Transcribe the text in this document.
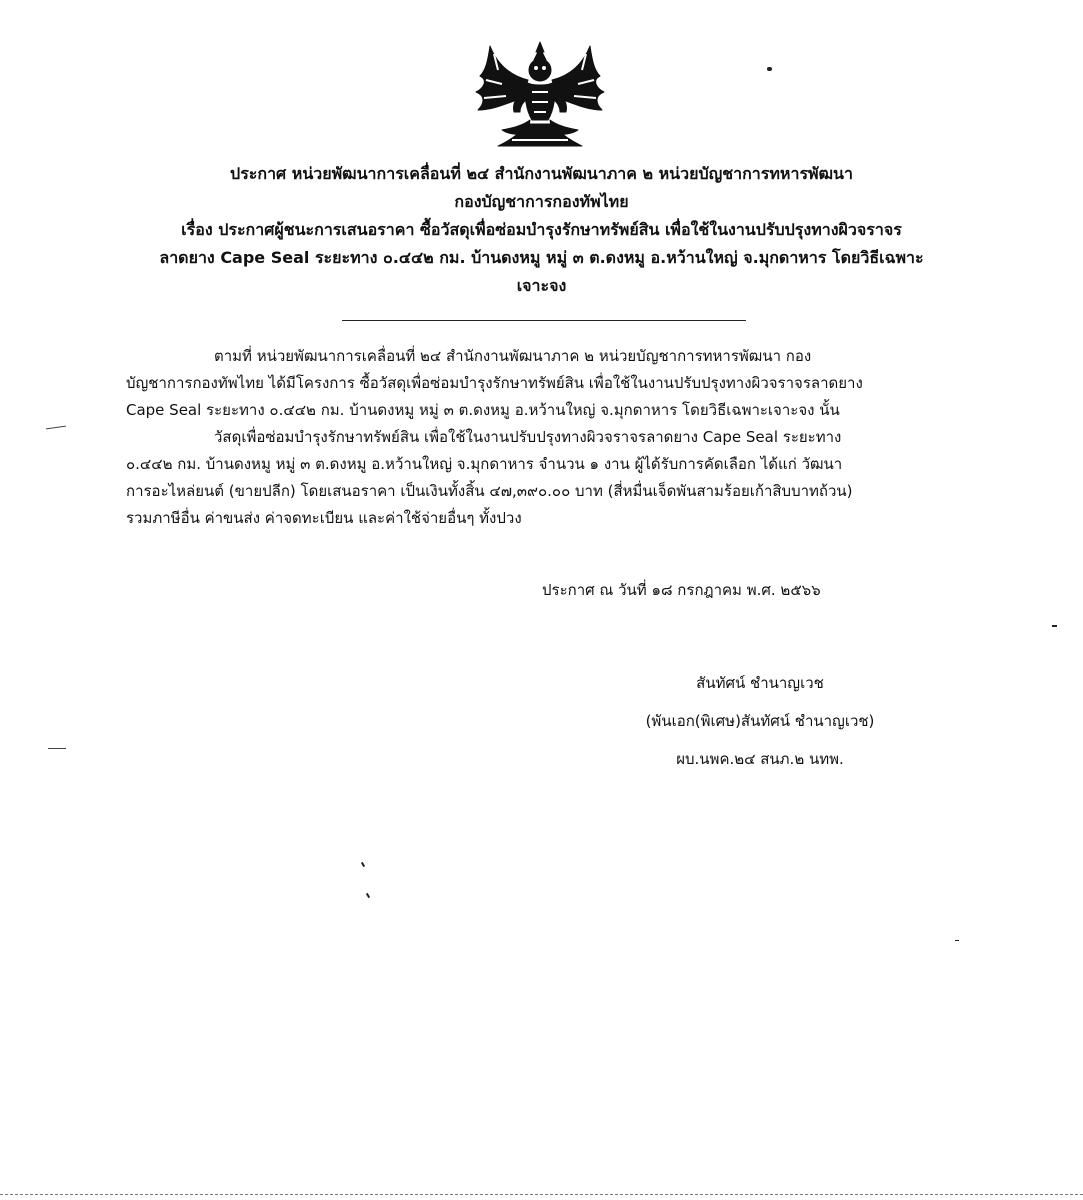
ประกาศ หน่วยพัฒนาการเคลื่อนที่ ๒๔ สำนักงานพัฒนาภาค ๒ หน่วยบัญชาการทหารพัฒนา
กองบัญชาการกองทัพไทย
เรื่อง ประกาศผู้ชนะการเสนอราคา ซื้อวัสดุเพื่อซ่อมบำรุงรักษาทรัพย์สิน เพื่อใช้ในงานปรับปรุงทางผิวจราจร
ลาดยาง Cape Seal ระยะทาง ๐.๔๔๒ กม. บ้านดงหมู หมู่ ๓ ต.ดงหมู อ.หว้านใหญ่ จ.มุกดาหาร โดยวิธีเฉพาะ
เจาะจง
ตามที่ หน่วยพัฒนาการเคลื่อนที่ ๒๔ สำนักงานพัฒนาภาค ๒ หน่วยบัญชาการทหารพัฒนา กอง
บัญชาการกองทัพไทย ได้มีโครงการ ซื้อวัสดุเพื่อซ่อมบำรุงรักษาทรัพย์สิน เพื่อใช้ในงานปรับปรุงทางผิวจราจรลาดยาง
Cape Seal ระยะทาง ๐.๔๔๒ กม. บ้านดงหมู หมู่ ๓ ต.ดงหมู อ.หว้านใหญ่ จ.มุกดาหาร โดยวิธีเฉพาะเจาะจง นั้น
วัสดุเพื่อซ่อมบำรุงรักษาทรัพย์สิน เพื่อใช้ในงานปรับปรุงทางผิวจราจรลาดยาง Cape Seal ระยะทาง
๐.๔๔๒ กม. บ้านดงหมู หมู่ ๓ ต.ดงหมู อ.หว้านใหญ่ จ.มุกดาหาร จำนวน ๑ งาน ผู้ได้รับการคัดเลือก ได้แก่ วัฒนา
การอะไหล่ยนต์ (ขายปลีก) โดยเสนอราคา เป็นเงินทั้งสิ้น ๔๗,๓๙๐.๐๐ บาท (สี่หมื่นเจ็ดพันสามร้อยเก้าสิบบาทถ้วน)
รวมภาษีอื่น ค่าขนส่ง ค่าจดทะเบียน และค่าใช้จ่ายอื่นๆ ทั้งปวง
ประกาศ ณ วันที่ ๑๘ กรกฎาคม พ.ศ. ๒๕๖๖
สันทัศน์ ชำนาญเวช
(พันเอก(พิเศษ)สันทัศน์ ชำนาญเวช)
ผบ.นพค.๒๔ สนภ.๒ นทพ.
